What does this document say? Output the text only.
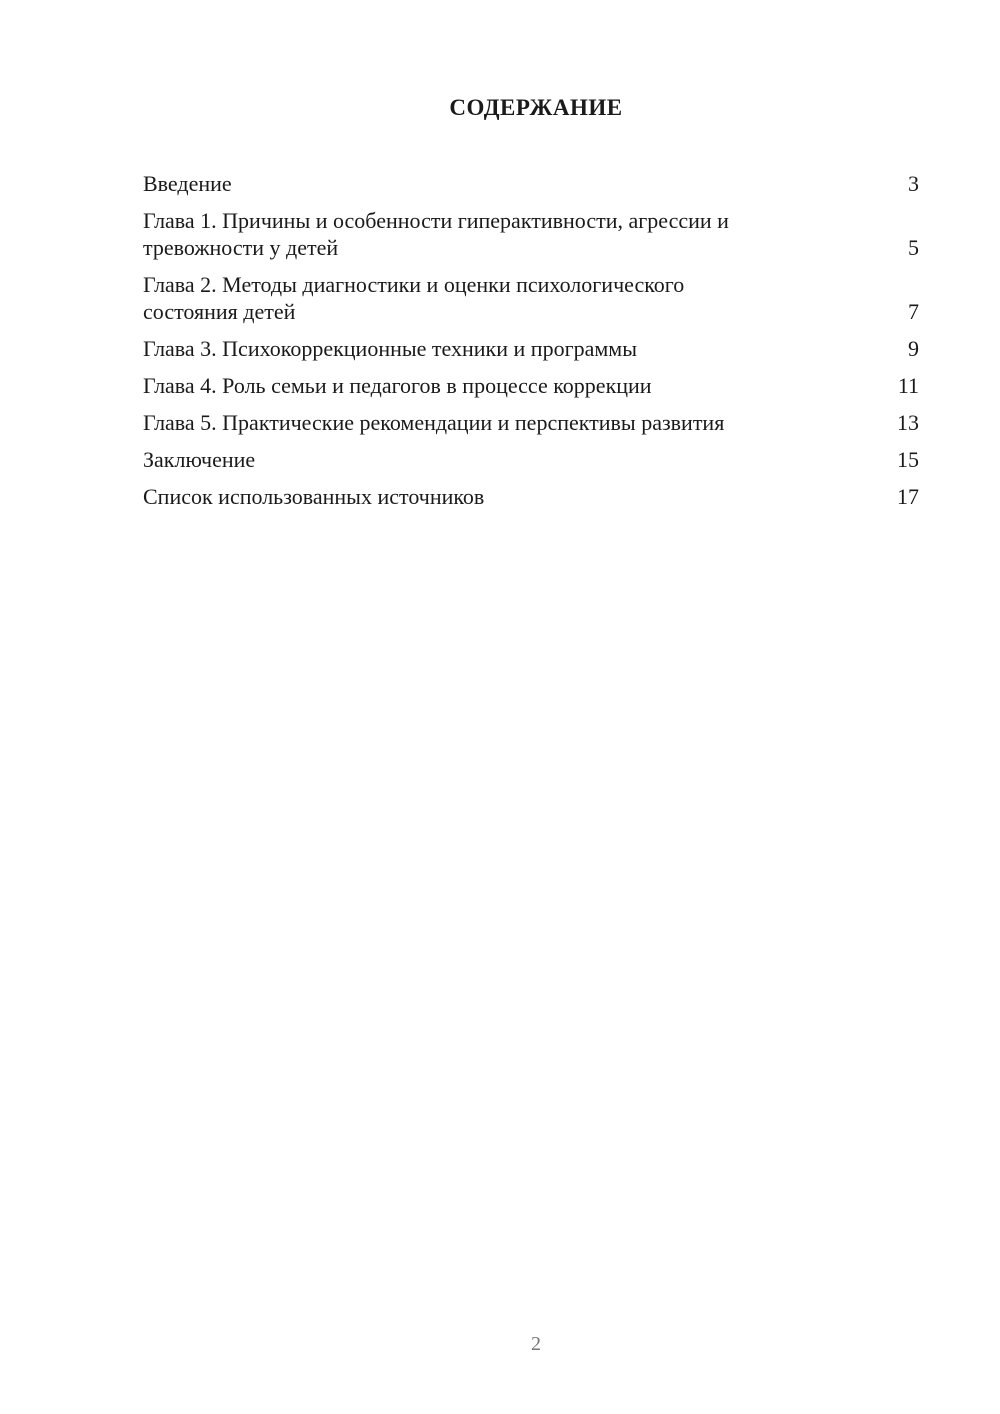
СОДЕРЖАНИЕ
Введение	3
Глава 1. Причины и особенности гиперактивности, агрессии и
тревожности у детей	5
Глава 2. Методы диагностики и оценки психологического
состояния детей	7
Глава 3. Психокоррекционные техники и программы	9
Глава 4. Роль семьи и педагогов в процессе коррекции	11
Глава 5. Практические рекомендации и перспективы развития	13
Заключение	15
Список использованных источников	17
2
